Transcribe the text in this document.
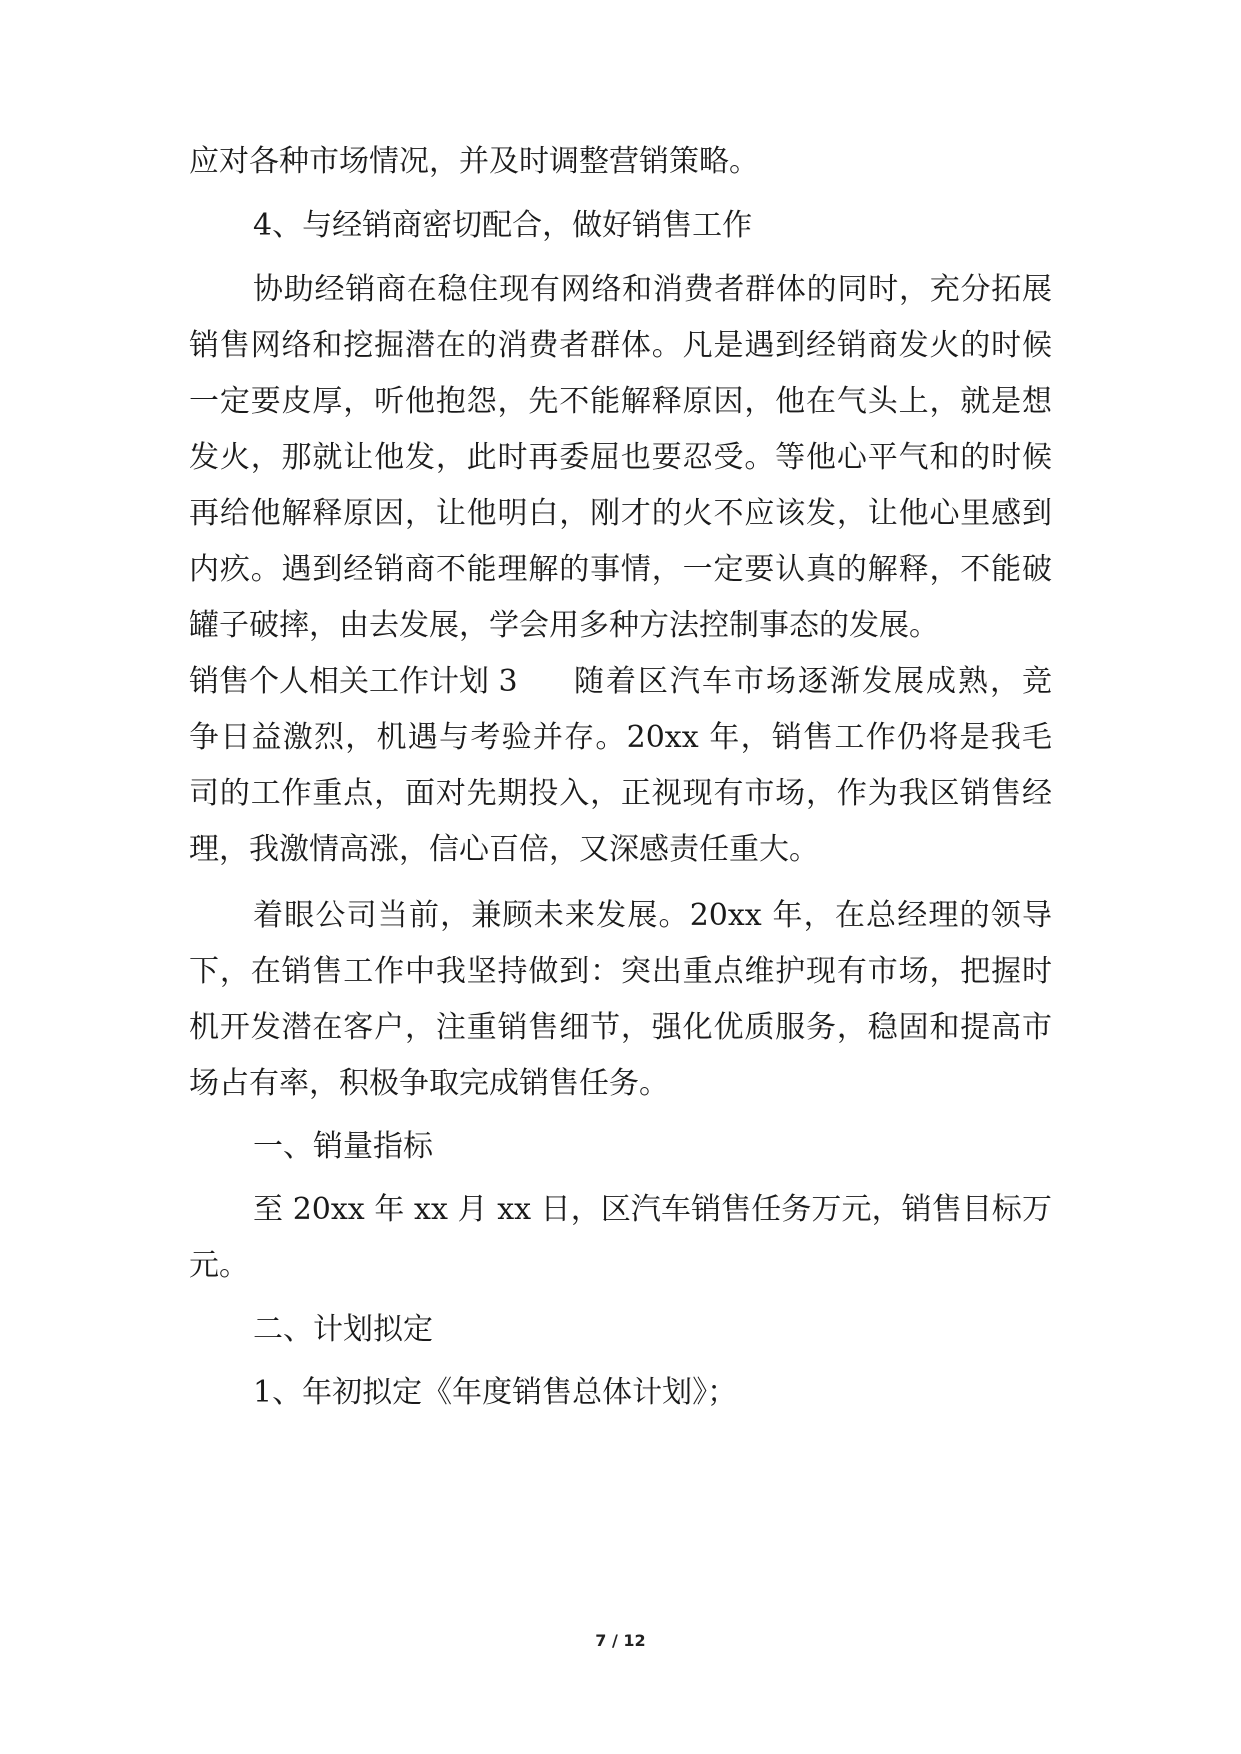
应对各种市场情况，并及时调整营销策略。
4、与经销商密切配合，做好销售工作
协助经销商在稳住现有网络和消费者群体的同时，充分拓展
销售网络和挖掘潜在的消费者群体。凡是遇到经销商发火的时候
一定要皮厚，听他抱怨，先不能解释原因，他在气头上，就是想
发火，那就让他发，此时再委屈也要忍受。等他心平气和的时候
再给他解释原因，让他明白，刚才的火不应该发，让他心里感到
内疚。遇到经销商不能理解的事情，一定要认真的解释，不能破
罐子破摔，由去发展，学会用多种方法控制事态的发展。
销售个人相关工作计划 3 随着区汽车市场逐渐发展成熟，竞
争日益激烈，机遇与考验并存。20xx 年，销售工作仍将是我毛
司的工作重点，面对先期投入，正视现有市场，作为我区销售经
理，我激情高涨，信心百倍，又深感责任重大。
着眼公司当前，兼顾未来发展。20xx 年，在总经理的领导
下，在销售工作中我坚持做到：突出重点维护现有市场，把握时
机开发潜在客户，注重销售细节，强化优质服务，稳固和提高市
场占有率，积极争取完成销售任务。
一、销量指标
至 20xx 年 xx 月 xx 日，区汽车销售任务万元，销售目标万
元。
二、计划拟定
1、年初拟定《年度销售总体计划》；
7 / 12
